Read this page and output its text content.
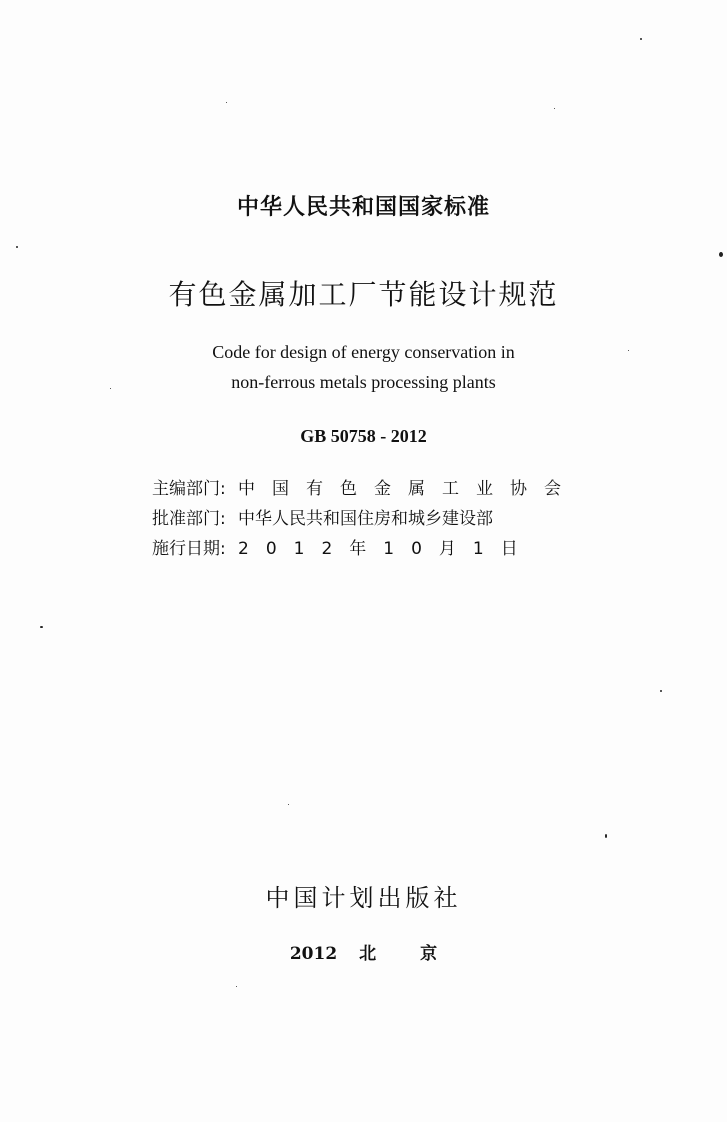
中华人民共和国国家标准
有色金属加工厂节能设计规范
Code for design of energy conservation in
non-ferrous metals processing plants
GB 50758 - 2012
主编部门: 中国有色金属工业协会
批准部门: 中华人民共和国住房和城乡建设部
施行日期: 2012年10月1日
中国计划出版社
2012 北	京
